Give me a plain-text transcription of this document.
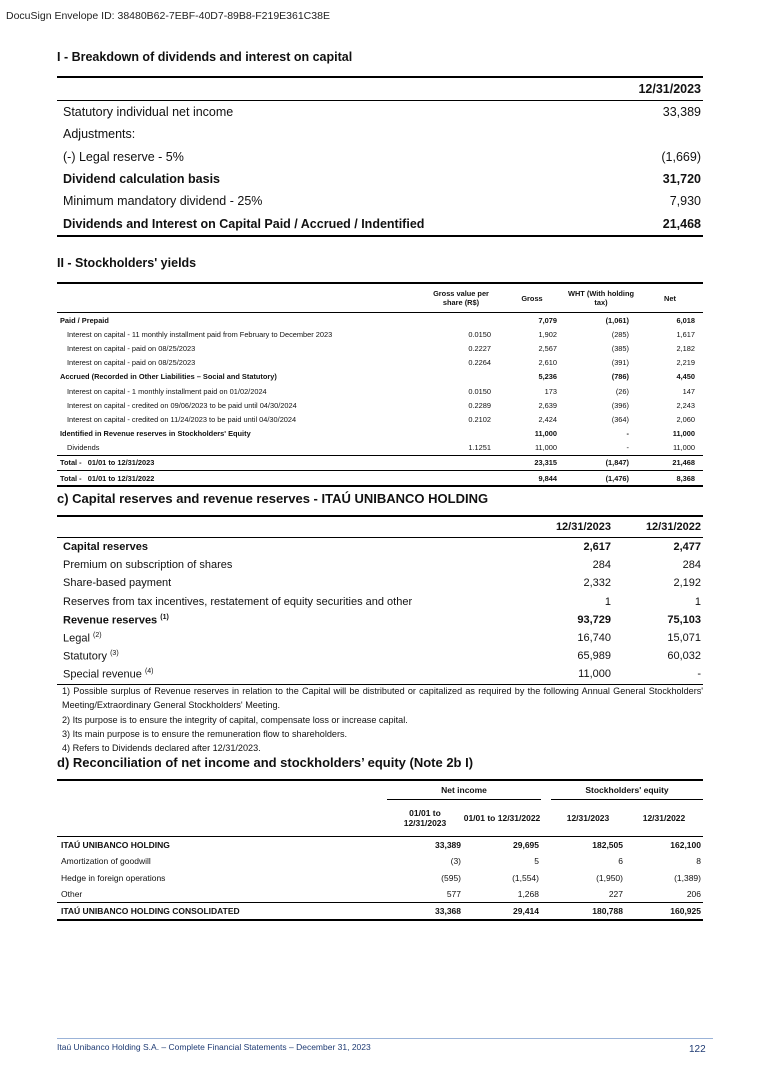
DocuSign Envelope ID: 38480B62-7EBF-40D7-89B8-F219E361C38E
I - Breakdown of dividends and interest on capital
	12/31/2023
Statutory individual net income	33,389
Adjustments:	
(-) Legal reserve - 5%	(1,669)
Dividend calculation basis	31,720
Minimum mandatory dividend - 25%	7,930
Dividends and Interest on Capital Paid / Accrued / Indentified	21,468
II - Stockholders' yields
	Gross value per share (R$)	Gross	WHT (With holding tax)	Net
Paid / Prepaid		7,079	(1,061)	6,018
Interest on capital - 11 monthly installment paid from February to December 2023	0.0150	1,902	(285)	1,617
Interest on capital - paid on 08/25/2023	0.2227	2,567	(385)	2,182
Interest on capital - paid on 08/25/2023	0.2264	2,610	(391)	2,219
Accrued (Recorded in Other Liabilities – Social and Statutory)		5,236	(786)	4,450
Interest on capital - 1 monthly installment paid on 01/02/2024	0.0150	173	(26)	147
Interest on capital - credited on 09/06/2023 to be paid until 04/30/2024	0.2289	2,639	(396)	2,243
Interest on capital - credited on 11/24/2023 to be paid until 04/30/2024	0.2102	2,424	(364)	2,060
Identified in Revenue reserves in Stockholders' Equity		11,000	-	11,000
Dividends	1.1251	11,000	-	11,000
Total - 01/01 to 12/31/2023		23,315	(1,847)	21,468
Total - 01/01 to 12/31/2022		9,844	(1,476)	8,368
c) Capital reserves and revenue reserves - ITAÚ UNIBANCO HOLDING
	12/31/2023	12/31/2022
Capital reserves	2,617	2,477
Premium on subscription of shares	284	284
Share-based payment	2,332	2,192
Reserves from tax incentives, restatement of equity securities and other	1	1
Revenue reserves $^{(1)}$	93,729	75,103
Legal $^{(2)}$	16,740	15,071
Statutory $^{(3)}$	65,989	60,032
Special revenue $^{(4)}$	11,000	-
1) Possible surplus of Revenue reserves in relation to the Capital will be distributed or capitalized as required by the following Annual General Stockholders' Meeting/Extraordinary General Stockholders' Meeting.
2) Its purpose is to ensure the integrity of capital, compensate loss or increase capital.
3) Its main purpose is to ensure the remuneration flow to shareholders.
4) Refers to Dividends declared after 12/31/2023.
d) Reconciliation of net income and stockholders’ equity (Note 2b I)
	Net income			Stockholders' equity	
	01/01 to 12/31/2023	01/01 to 12/31/2022		12/31/2023	12/31/2022
ITAÚ UNIBANCO HOLDING	33,389	29,695		182,505	162,100
Amortization of goodwill	(3)	5		6	8
Hedge in foreign operations	(595)	(1,554)		(1,950)	(1,389)
Other	577	1,268		227	206
ITAÚ UNIBANCO HOLDING CONSOLIDATED	33,368	29,414		180,788	160,925
Itaú Unibanco Holding S.A. – Complete Financial Statements – December 31, 2023	122
